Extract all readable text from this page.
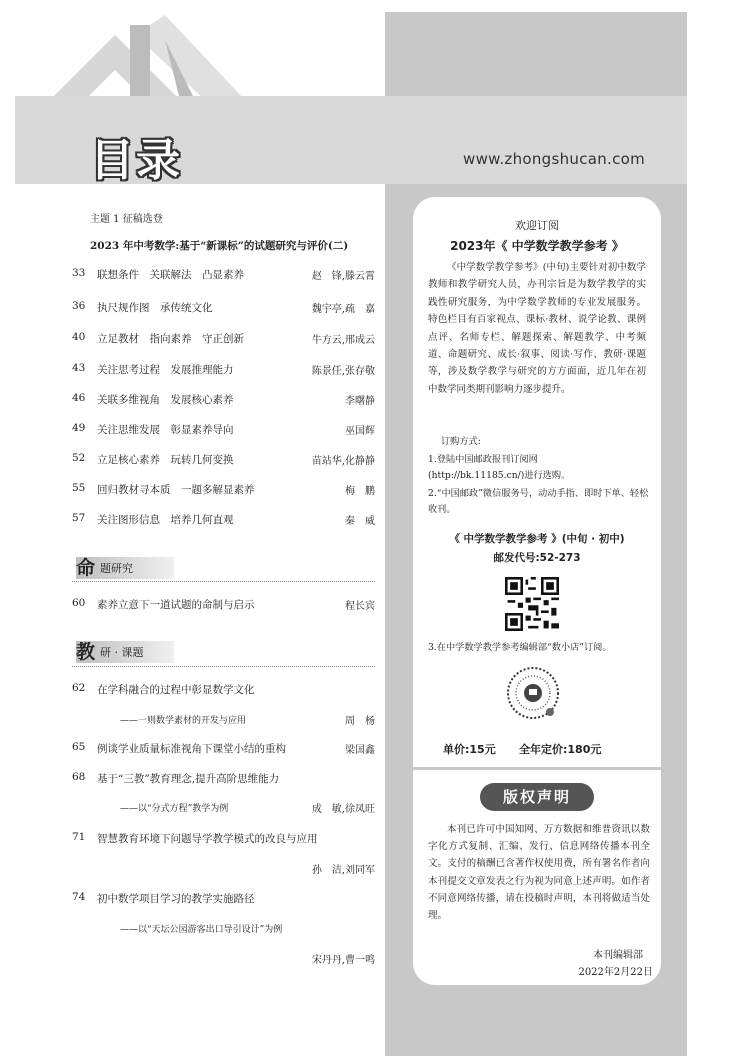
目录	www.zhongshucan.com
主题 1 征稿选登
2023 年中考数学:基于“新课标”的试题研究与评价(二)
33	联想条件　关联解法　凸显素养	赵　锋,滕云霄
36	执尺规作图　承传统文化	魏宇亭,疏　嘉
40	立足教材　指向素养　守正创新	牛方云,邢成云
43	关注思考过程　发展推理能力	陈景任,张存敬
46	关联多维视角　发展核心素养	李曙静
49	关注思维发展　彰显素养导向	巫国辉
52	立足核心素养　玩转几何变换	苗站华,化静静
55	回归教材寻本质　一题多解显素养	梅　鹏
57	关注图形信息　培养几何直观	秦　威
命 题研究
60	素养立意下一道试题的命制与启示	程长宾
教 研 · 课题
62	在学科融合的过程中彰显数学文化
——一则数学素材的开发与应用	周　杨
65	例谈学业质量标准视角下课堂小结的重构	梁国鑫
68	基于“三教”教育理念,提升高阶思维能力
——以“分式方程”教学为例	成　敏,徐凤旺
71	智慧教育环境下问题导学教学模式的改良与应用
孙　洁,刘同军
74	初中数学项目学习的教学实施路径
——以“天坛公园游客出口导引设计”为例
宋丹丹,曹一鸣
欢迎订阅
2023年《 中学数学教学参考 》
《中学数学教学参考》(中旬)主要针对初中数学教师和教学研究人员，办刊宗旨是为数学教学的实践性研究服务，为中学数学教师的专业发展服务。特色栏目有百家视点、课标·教材、说学论教、课例点评、名师专栏、解题探索、解题教学、中考频道、命题研究、成长·叙事、阅读·写作、教研·课题等，涉及数学教学与研究的方方面面，近几年在初中数学同类期刊影响力逐步提升。
订购方式:
1.登陆中国邮政报刊订阅网
(http://bk.11185.cn/)进行选购。
2.“中国邮政”微信服务号，动动手指、即时下单、轻松收刊。
《 中学数学教学参考 》(中旬 · 初中)
邮发代号:52-273
3.在中学数学教学参考编辑部“数小店”订阅。
单价:15元 全年定价:180元
版权声明
本刊已许可中国知网、万方数据和维普资讯以数字化方式复制、汇编、发行、信息网络传播本刊全文。支付的稿酬已含著作权使用费，所有署名作者向本刊提交文章发表之行为视为同意上述声明。如作者不同意网络传播，请在投稿时声明，本刊将做适当处理。
本刊编辑部
2022年2月22日
